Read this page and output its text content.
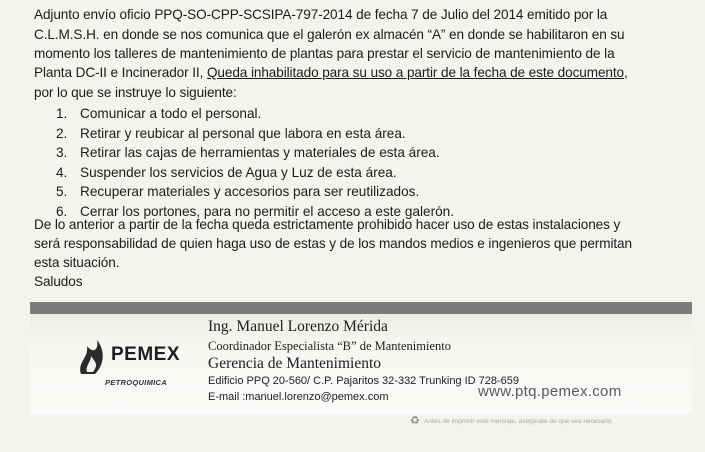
Adjunto envío oficio PPQ-SO-CPP-SCSIPA-797-2014 de fecha 7 de Julio del 2014 emitido por la
C.L.M.S.H. en donde se nos comunica que el galerón ex almacén “A” en donde se habilitaron en su
momento los talleres de mantenimiento de plantas para prestar el servicio de mantenimiento de la
Planta DC-II e Incinerador II, Queda inhabilitado para su uso a partir de la fecha de este documento,
por lo que se instruye lo siguiente:
1. Comunicar a todo el personal.
2. Retirar y reubicar al personal que labora en esta área.
3. Retirar las cajas de herramientas y materiales de esta área.
4. Suspender los servicios de Agua y Luz de esta área.
5. Recuperar materiales y accesorios para ser reutilizados.
6. Cerrar los portones, para no permitir el acceso a este galerón.
De lo anterior a partir de la fecha queda estrictamente prohibido hacer uso de estas instalaciones y
será responsabilidad de quien haga uso de estas y de los mandos medios e ingenieros que permitan
esta situación.
Saludos
PEMEX
PETROQUIMICA
Ing. Manuel Lorenzo Mérida
Coordinador Especialista “B” de Mantenimiento
Gerencia de Mantenimiento
Edificio PPQ 20-560/ C.P. Pajaritos 32-332 Trunking ID 728-659
E-mail :manuel.lorenzo@pemex.com	www.ptq.pemex.com
♻ Antes de imprimir este mensaje, asegúrate de que sea necesario
